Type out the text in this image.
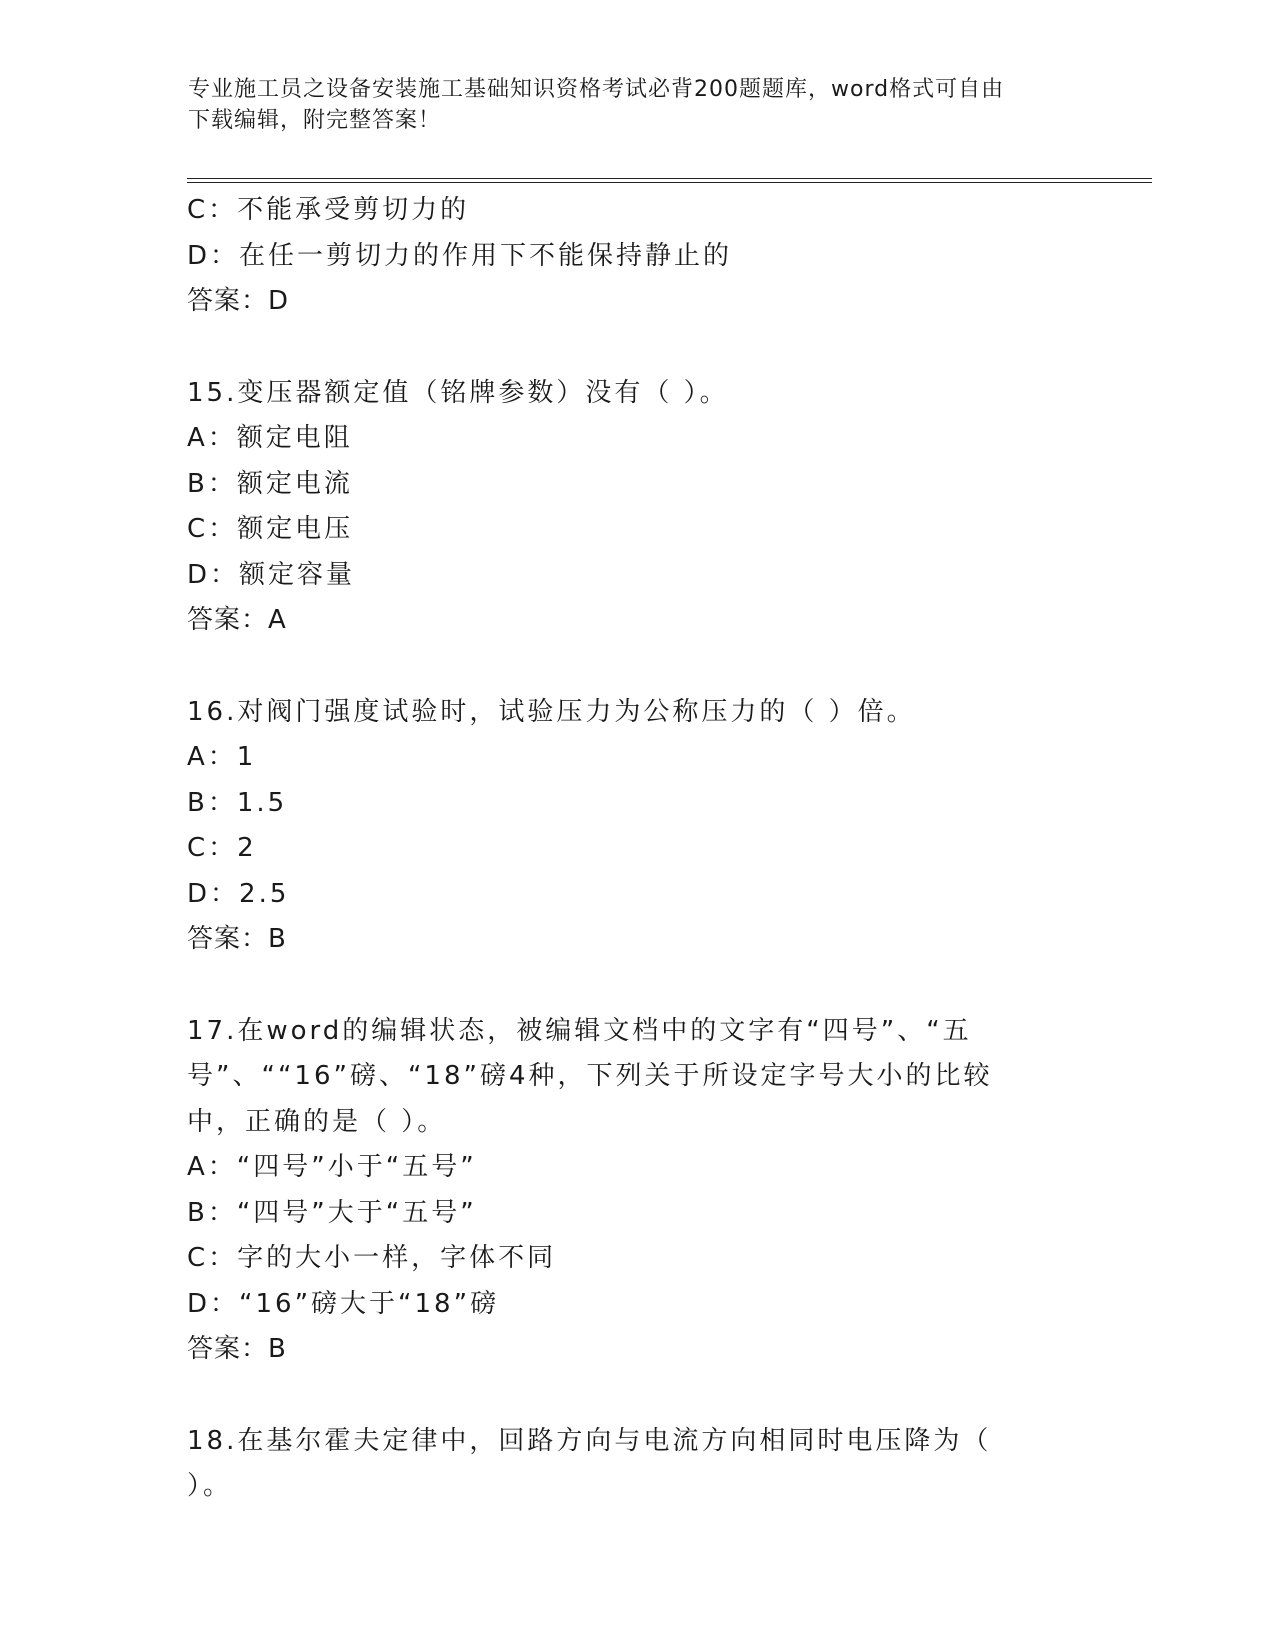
专业施工员之设备安装施工基础知识资格考试必背200题题库，word格式可自由
下载编辑，附完整答案！
C：不能承受剪切力的
D：在任一剪切力的作用下不能保持静止的
答案：D
15.变压器额定值（铭牌参数）没有（ ）。
A：额定电阻
B：额定电流
C：额定电压
D：额定容量
答案：A
16.对阀门强度试验时，试验压力为公称压力的（ ）倍。
A：1
B：1.5
C：2
D：2.5
答案：B
17.在word的编辑状态，被编辑文档中的文字有“四号”、“五号”、““16”磅、“18”磅4种，下列关于所设定字号大小的比较中，正确的是（ ）。
A：“四号”小于“五号”
B：“四号”大于“五号”
C：字的大小一样，字体不同
D：“16”磅大于“18”磅
答案：B
18.在基尔霍夫定律中，回路方向与电流方向相同时电压降为（ ）。
